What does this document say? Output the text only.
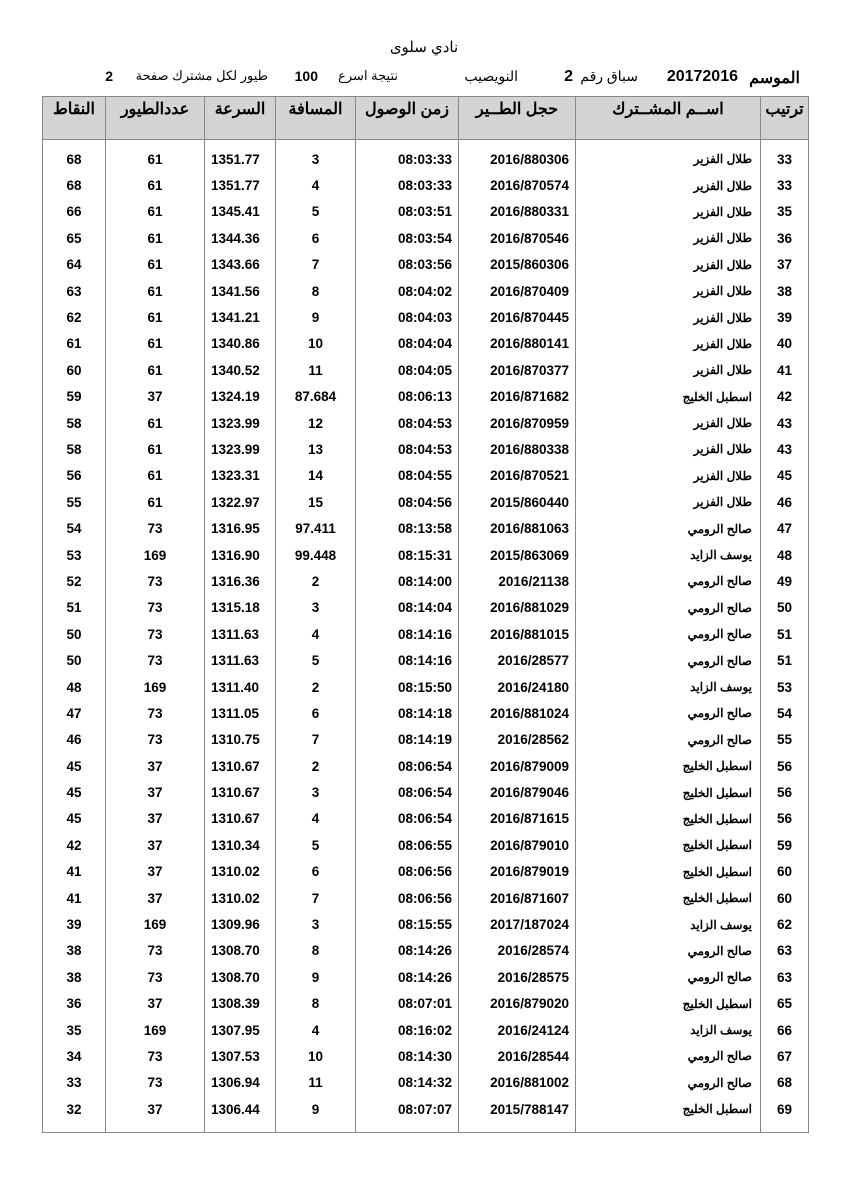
نادي سلوى
الموسم
20172016
سباق رقم
2
النويصيب
نتيجة اسرع
100
طيور لكل مشترك صفحة
2
النقاط	عددالطيور	السرعة	المسافة	زمن الوصول	حجل الطــير	اســم المشــترك	ترتيب

68	61	1351.77	3	08:03:33	2016/880306	طلال الفزير	33
68	61	1351.77	4	08:03:33	2016/870574	طلال الفزير	33
66	61	1345.41	5	08:03:51	2016/880331	طلال الفزير	35
65	61	1344.36	6	08:03:54	2016/870546	طلال الفزير	36
64	61	1343.66	7	08:03:56	2015/860306	طلال الفزير	37
63	61	1341.56	8	08:04:02	2016/870409	طلال الفزير	38
62	61	1341.21	9	08:04:03	2016/870445	طلال الفزير	39
61	61	1340.86	10	08:04:04	2016/880141	طلال الفزير	40
60	61	1340.52	11	08:04:05	2016/870377	طلال الفزير	41
59	37	1324.19	87.684	08:06:13	2016/871682	اسطبل الخليج	42
58	61	1323.99	12	08:04:53	2016/870959	طلال الفزير	43
58	61	1323.99	13	08:04:53	2016/880338	طلال الفزير	43
56	61	1323.31	14	08:04:55	2016/870521	طلال الفزير	45
55	61	1322.97	15	08:04:56	2015/860440	طلال الفزير	46
54	73	1316.95	97.411	08:13:58	2016/881063	صالح الرومي	47
53	169	1316.90	99.448	08:15:31	2015/863069	يوسف الزايد	48
52	73	1316.36	2	08:14:00	2016/21138	صالح الرومي	49
51	73	1315.18	3	08:14:04	2016/881029	صالح الرومي	50
50	73	1311.63	4	08:14:16	2016/881015	صالح الرومي	51
50	73	1311.63	5	08:14:16	2016/28577	صالح الرومي	51
48	169	1311.40	2	08:15:50	2016/24180	يوسف الزايد	53
47	73	1311.05	6	08:14:18	2016/881024	صالح الرومي	54
46	73	1310.75	7	08:14:19	2016/28562	صالح الرومي	55
45	37	1310.67	2	08:06:54	2016/879009	اسطبل الخليج	56
45	37	1310.67	3	08:06:54	2016/879046	اسطبل الخليج	56
45	37	1310.67	4	08:06:54	2016/871615	اسطبل الخليج	56
42	37	1310.34	5	08:06:55	2016/879010	اسطبل الخليج	59
41	37	1310.02	6	08:06:56	2016/879019	اسطبل الخليج	60
41	37	1310.02	7	08:06:56	2016/871607	اسطبل الخليج	60
39	169	1309.96	3	08:15:55	2017/187024	يوسف الزايد	62
38	73	1308.70	8	08:14:26	2016/28574	صالح الرومي	63
38	73	1308.70	9	08:14:26	2016/28575	صالح الرومي	63
36	37	1308.39	8	08:07:01	2016/879020	اسطبل الخليج	65
35	169	1307.95	4	08:16:02	2016/24124	يوسف الزايد	66
34	73	1307.53	10	08:14:30	2016/28544	صالح الرومي	67
33	73	1306.94	11	08:14:32	2016/881002	صالح الرومي	68
32	37	1306.44	9	08:07:07	2015/788147	اسطبل الخليج	69
